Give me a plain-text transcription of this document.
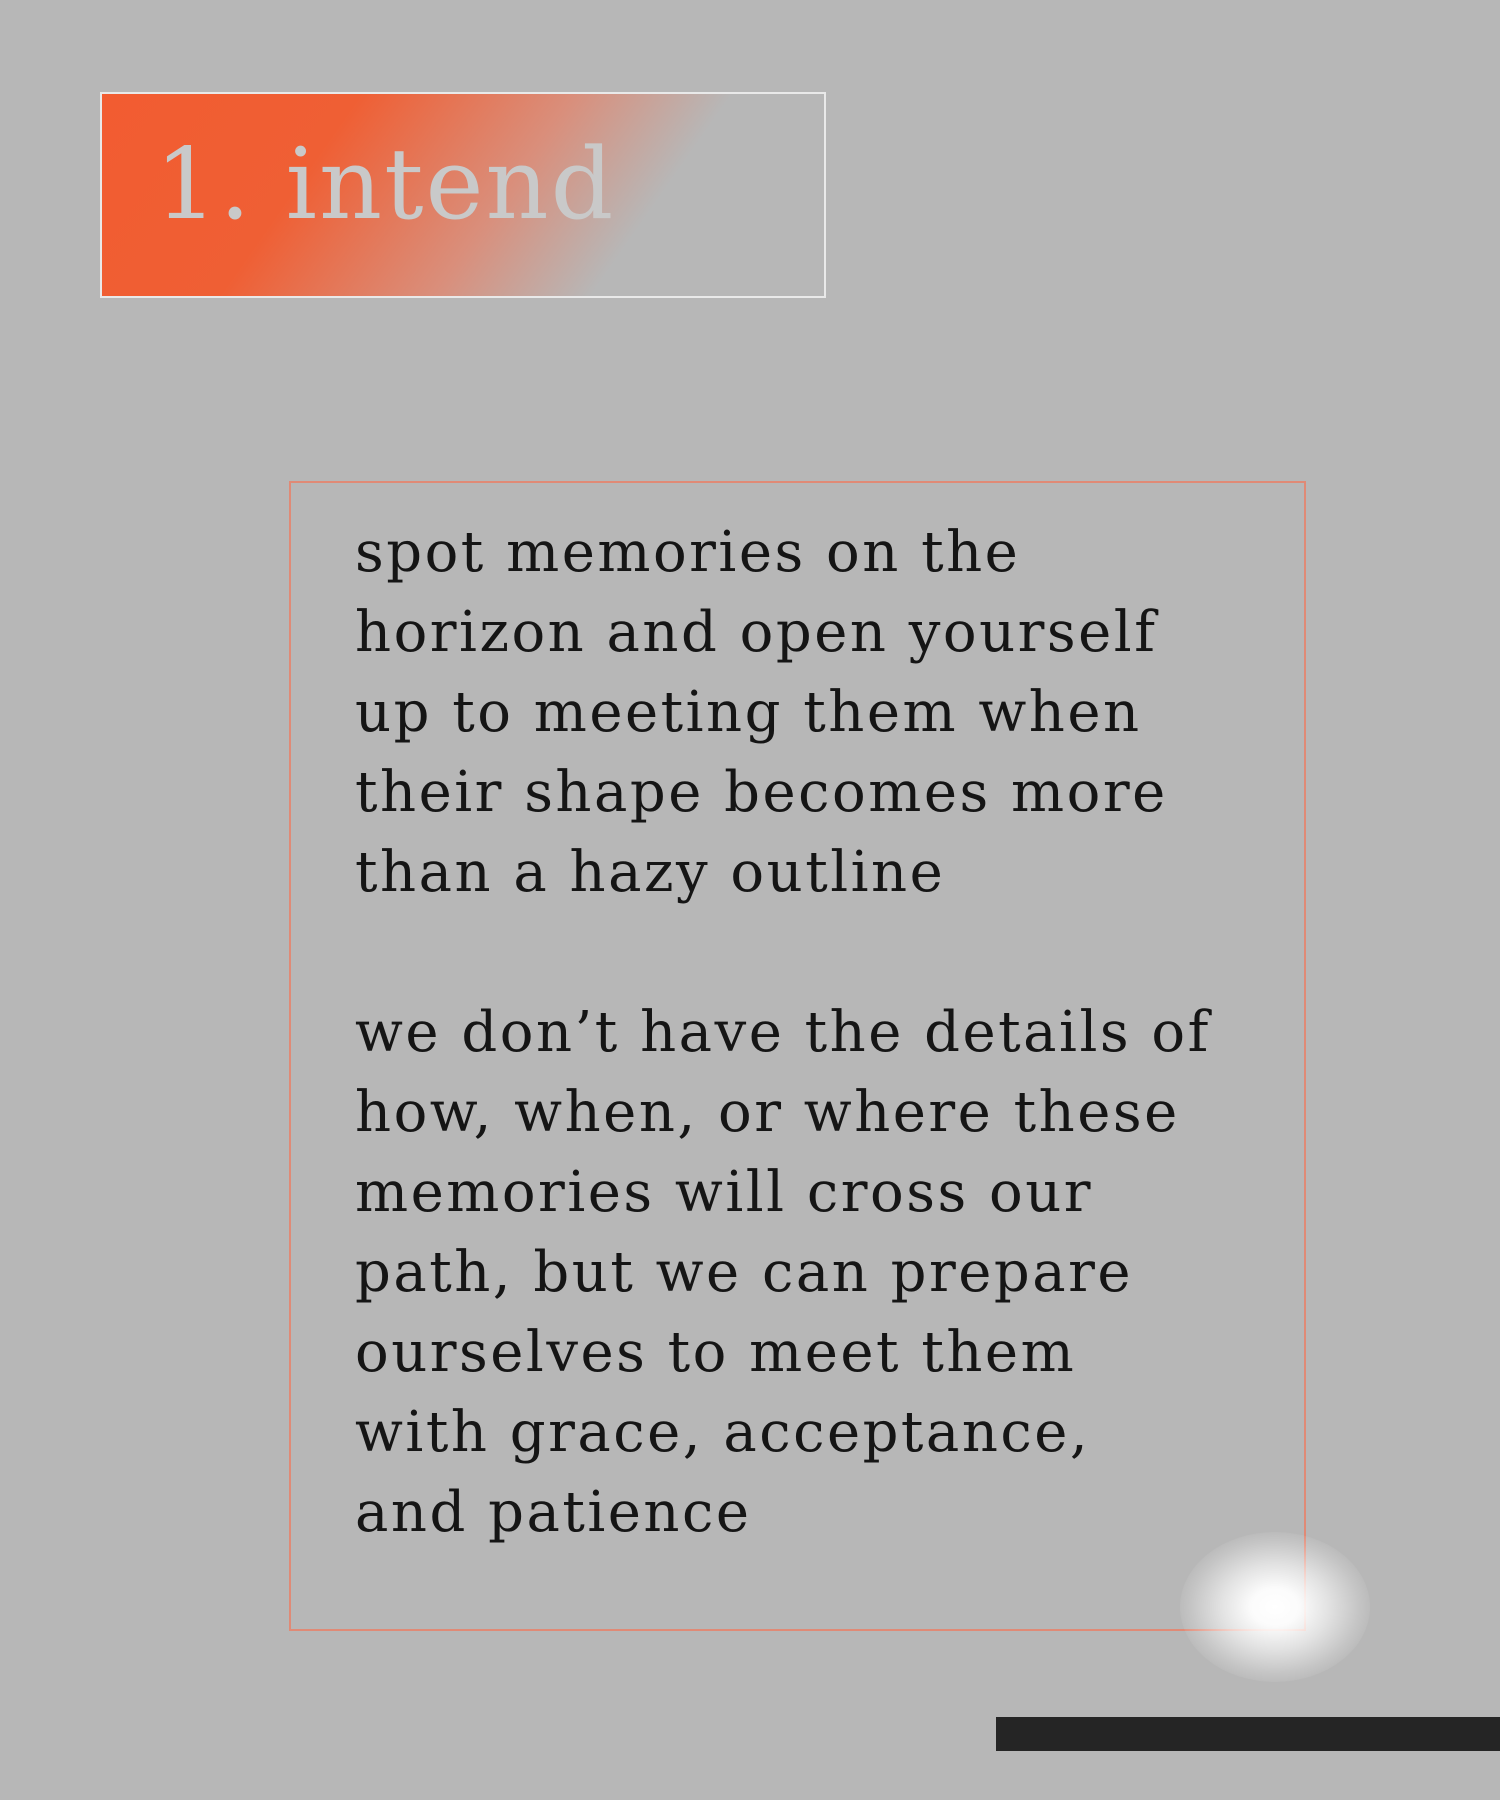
1. intend

spot memories on the
horizon and open yourself
up to meeting them when
their shape becomes more
than a hazy outline

we don’t have the details of
how, when, or where these
memories will cross our
path, but we can prepare
ourselves to meet them
with grace, acceptance,
and patience
